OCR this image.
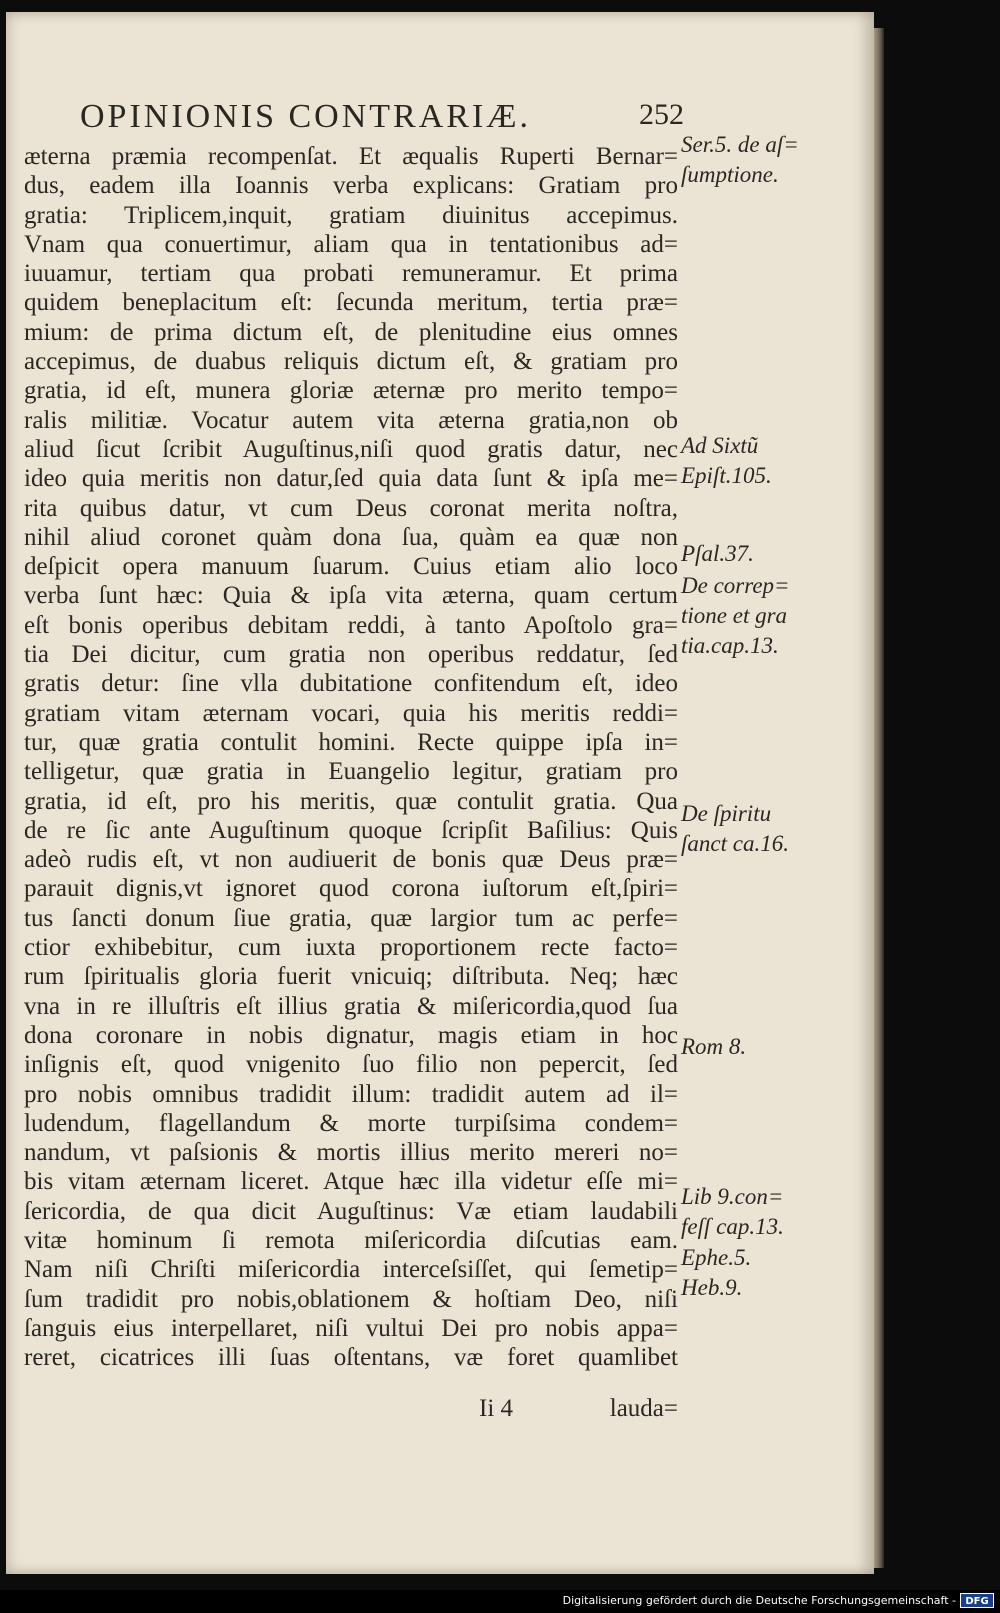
OPINIONIS CONTRARIÆ.	252
æterna præmia recompenſat. Et æqualis Ruperti Bernar=
dus, eadem illa Ioannis verba explicans: Gratiam pro
gratia: Triplicem,inquit, gratiam diuinitus accepimus.
Vnam qua conuertimur, aliam qua in tentationibus ad=
iuuamur, tertiam qua probati remuneramur. Et prima
quidem beneplacitum eſt: ſecunda meritum, tertia præ=
mium: de prima dictum eſt, de plenitudine eius omnes
accepimus, de duabus reliquis dictum eſt, & gratiam pro
gratia, id eſt, munera gloriæ æternæ pro merito tempo=
ralis militiæ. Vocatur autem vita æterna gratia,non ob
aliud ſicut ſcribit Auguſtinus,niſi quod gratis datur, nec
ideo quia meritis non datur,ſed quia data ſunt & ipſa me=
rita quibus datur, vt cum Deus coronat merita noſtra,
nihil aliud coronet quàm dona ſua, quàm ea quæ non
deſpicit opera manuum ſuarum. Cuius etiam alio loco
verba ſunt hæc: Quia & ipſa vita æterna, quam certum
eſt bonis operibus debitam reddi, à tanto Apoſtolo gra=
tia Dei dicitur, cum gratia non operibus reddatur, ſed
gratis detur: ſine vlla dubitatione confitendum eſt, ideo
gratiam vitam æternam vocari, quia his meritis reddi=
tur, quæ gratia contulit homini. Recte quippe ipſa in=
telligetur, quæ gratia in Euangelio legitur, gratiam pro
gratia, id eſt, pro his meritis, quæ contulit gratia. Qua
de re ſic ante Auguſtinum quoque ſcripſit Baſilius: Quis
adeò rudis eſt, vt non audiuerit de bonis quæ Deus præ=
parauit dignis,vt ignoret quod corona iuſtorum eſt,ſpiri=
tus ſancti donum ſiue gratia, quæ largior tum ac perfe=
ctior exhibebitur, cum iuxta proportionem recte facto=
rum ſpiritualis gloria fuerit vnicuiq; diſtributa. Neq; hæc
vna in re illuſtris eſt illius gratia & miſericordia,quod ſua
dona coronare in nobis dignatur, magis etiam in hoc
inſignis eſt, quod vnigenito ſuo filio non pepercit, ſed
pro nobis omnibus tradidit illum: tradidit autem ad il=
ludendum, flagellandum & morte turpiſsima condem=
nandum, vt paſsionis & mortis illius merito mereri no=
bis vitam æternam liceret. Atque hæc illa videtur eſſe mi=
ſericordia, de qua dicit Auguſtinus: Væ etiam laudabili
vitæ hominum ſi remota miſericordia diſcutias eam.
Nam niſi Chriſti miſericordia interceſsiſſet, qui ſemetip=
ſum tradidit pro nobis,oblationem & hoſtiam Deo, niſi
ſanguis eius interpellaret, niſi vultui Dei pro nobis appa=
reret, cicatrices illi ſuas oſtentans, væ foret quamlibet
Ii 4	lauda=
Ser.5. de aſ=
ſumptione.
Ad Sixtũ
Epiſt.105.
Pſal.37.
De correp=
tione et gra
tia.cap.13.
De ſpiritu
ſanct ca.16.
Rom 8.
Lib 9.con=
feſſ cap.13.
Ephe.5.
Heb.9.
Digitalisierung gefördert durch die Deutsche Forschungsgemeinschaft - DFG
